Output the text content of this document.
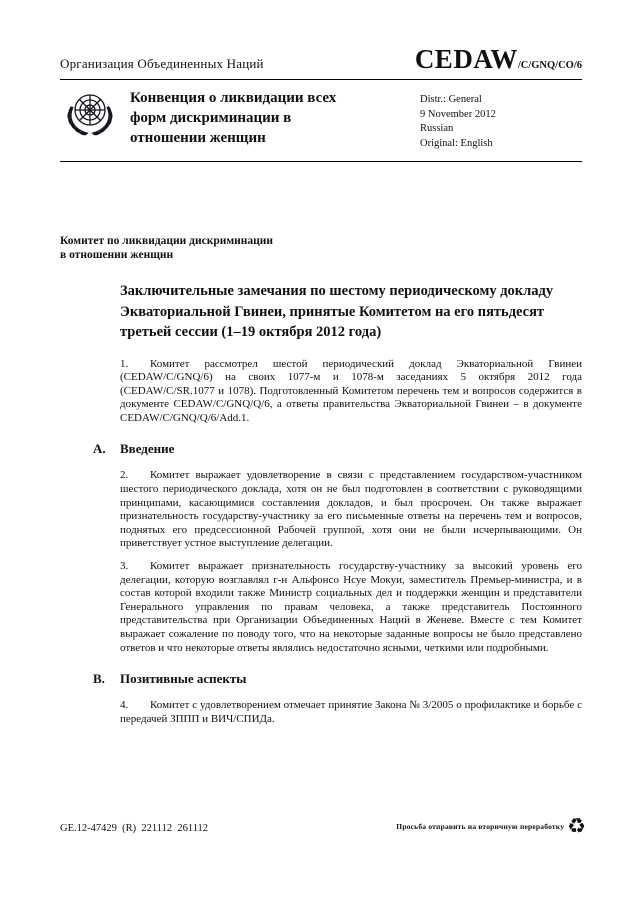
Организация Объединенных Наций	CEDAW/C/GNQ/CO/6
Конвенция о ликвидации всех форм дискриминации в отношении женщин
Distr.: General
9 November 2012
Russian
Original: English
Комитет по ликвидации дискриминации в отношении женщин
Заключительные замечания по шестому периодическому докладу Экваториальной Гвинеи, принятые Комитетом на его пятьдесят третьей сессии (1–19 октября 2012 года)

1. Комитет рассмотрел шестой периодический доклад Экваториальной Гвинеи (CEDAW/C/GNQ/6) на своих 1077-м и 1078-м заседаниях 5 октября 2012 года (CEDAW/C/SR.1077 и 1078). Подготовленный Комитетом перечень тем и вопросов содержится в документе CEDAW/C/GNQ/Q/6, а ответы правительства Экваториальной Гвинеи – в документе CEDAW/C/GNQ/Q/6/Add.1.

A. Введение

2. Комитет выражает удовлетворение в связи с представлением государством-участником шестого периодического доклада, хотя он не был подготовлен в соответствии с руководящими принципами, касающимися составления докладов, и был просрочен. Он также выражает признательность государству-участнику за его письменные ответы на перечень тем и вопросов, поднятых его предсессионной Рабочей группой, хотя они не были исчерпывающими. Он приветствует устное выступление делегации.

3. Комитет выражает признательность государству-участнику за высокий уровень его делегации, которую возглавлял г-н Альфонсо Нсуе Мокуи, заместитель Премьер-министра, и в состав которой входили также Министр социальных дел и поддержки женщин и представители Генерального управления по правам человека, а также представитель Постоянного представительства при Организации Объединенных Наций в Женеве. Вместе с тем Комитет выражает сожаление по поводу того, что на некоторые заданные вопросы не было представлено ответов и что некоторые ответы являлись недостаточно ясными, четкими или подробными.

B. Позитивные аспекты

4. Комитет с удовлетворением отмечает принятие Закона № 3/2005 о профилактике и борьбе с передачей ЗППП и ВИЧ/СПИДа.

GE.12-47429  (R)  221112  261112	Просьба отправить на вторичную переработку ♻
